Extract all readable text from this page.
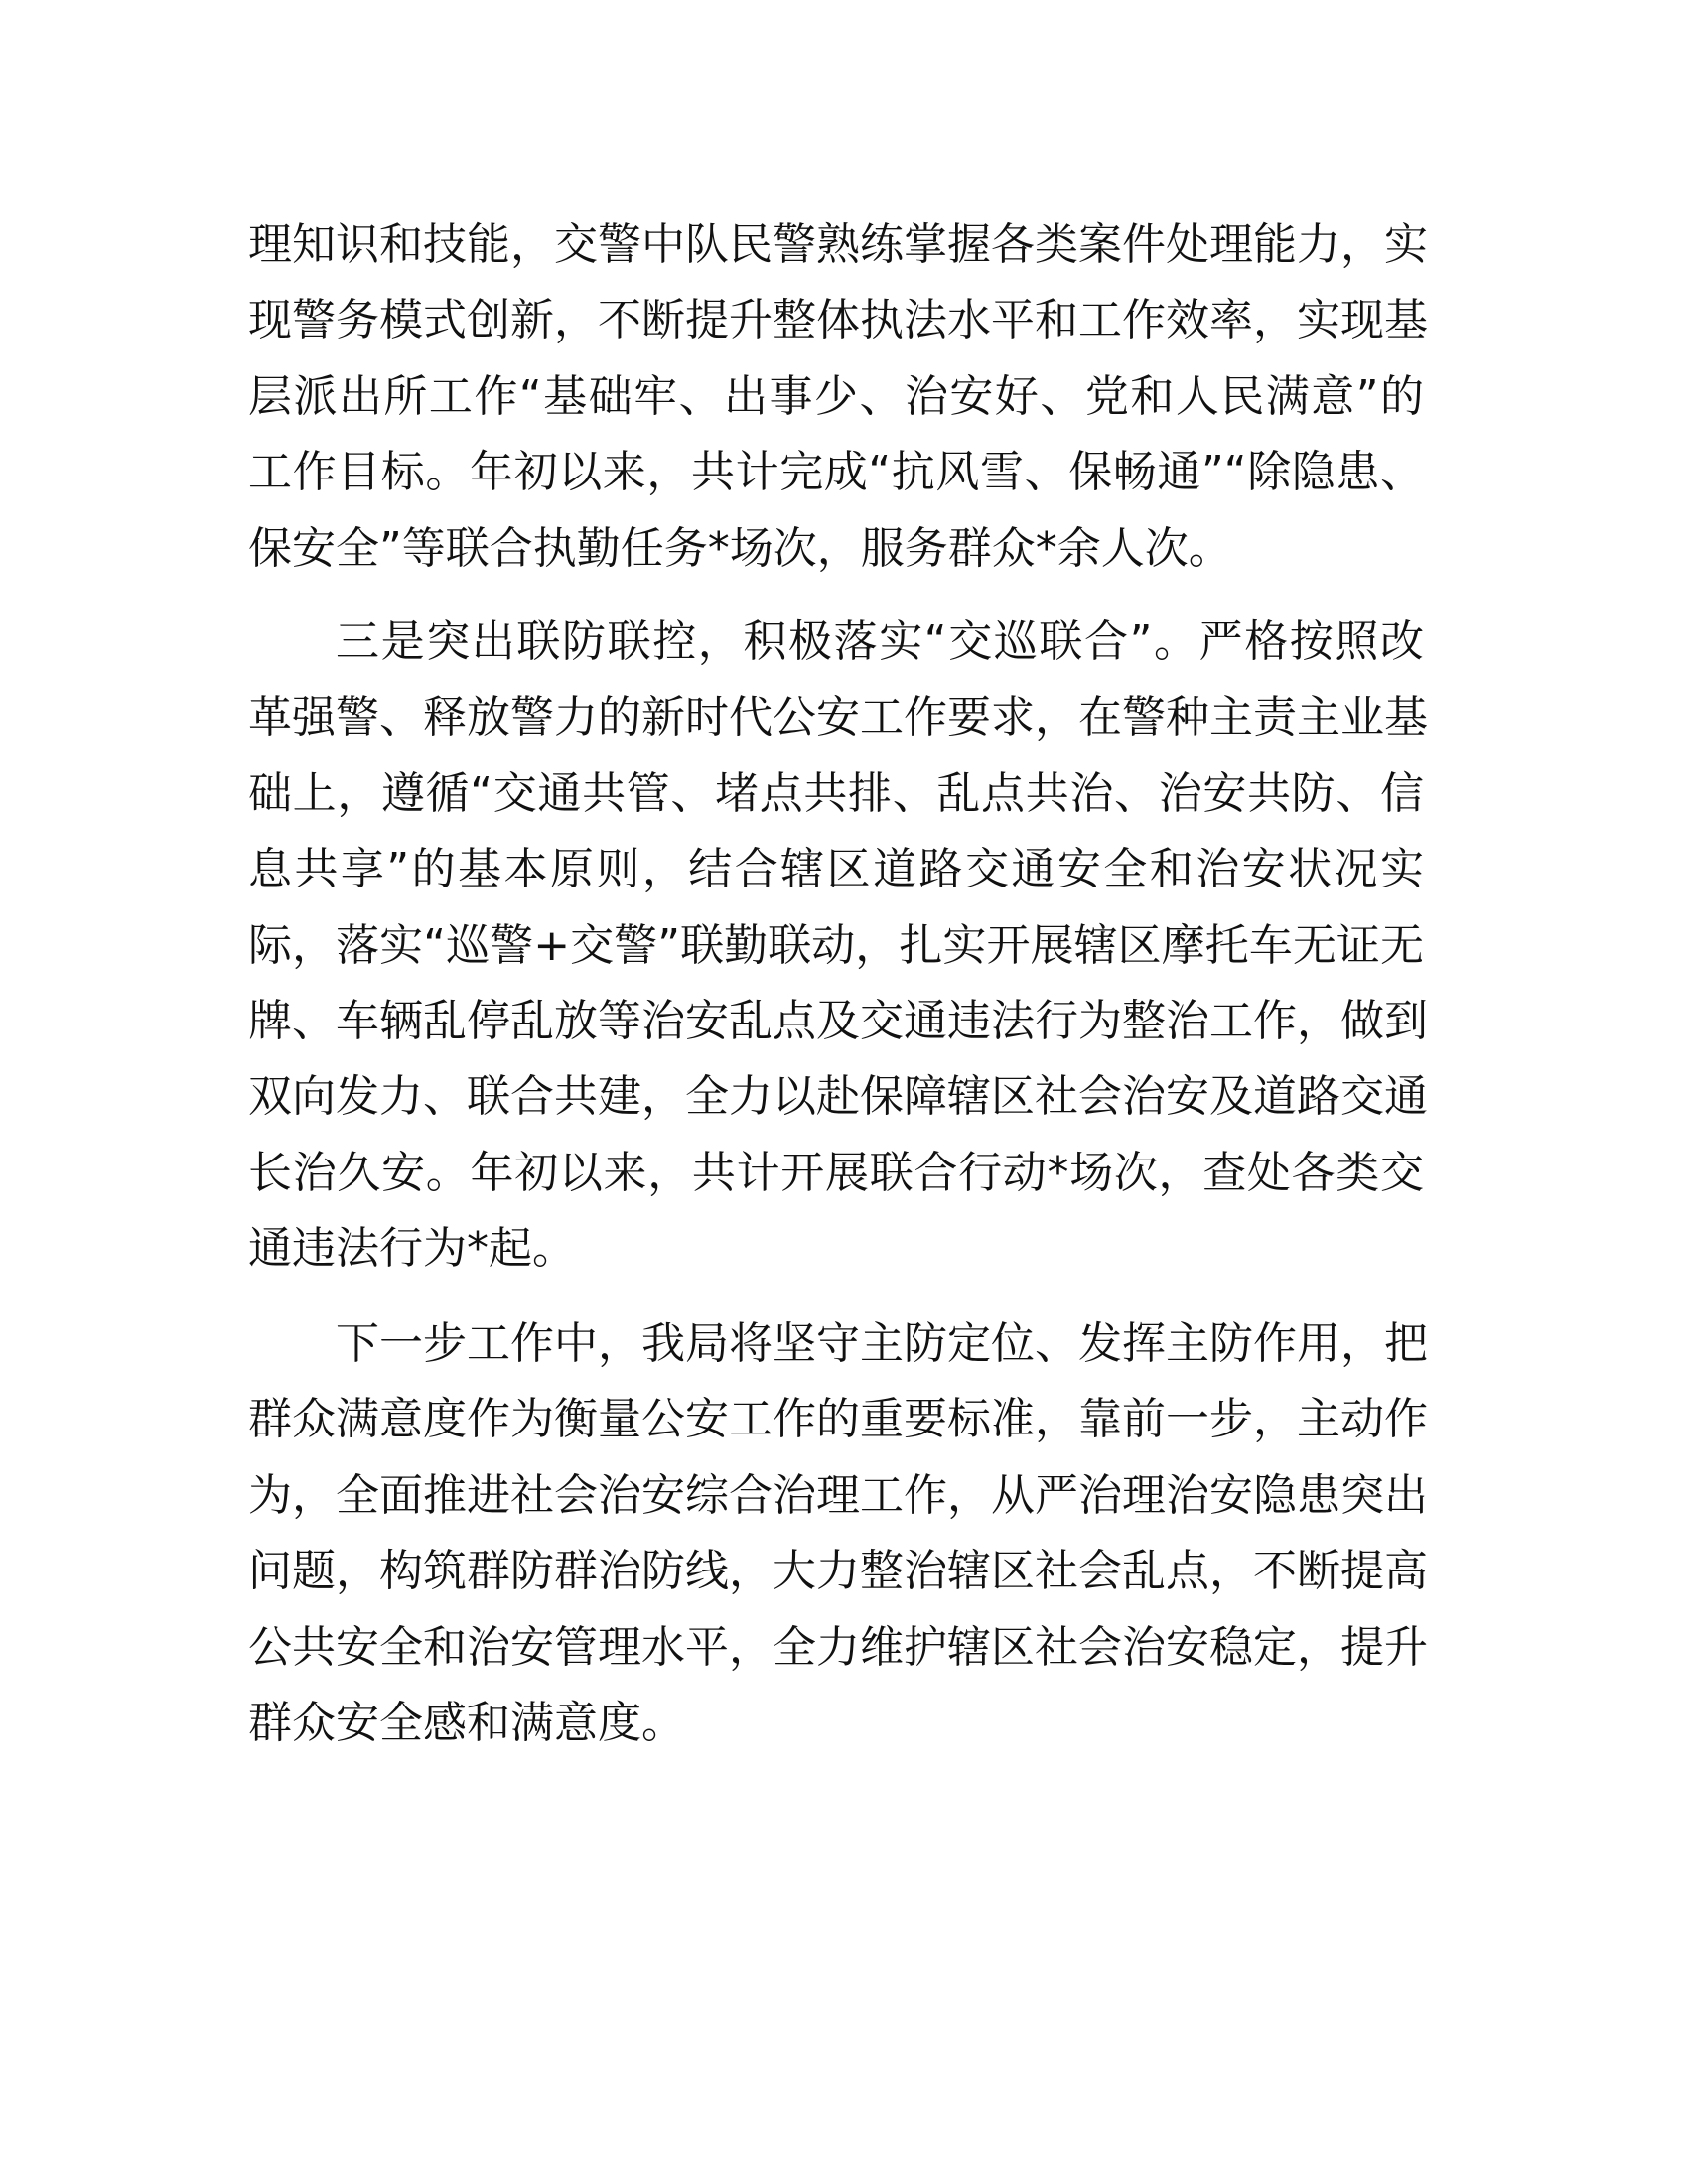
理知识和技能，交警中队民警熟练掌握各类案件处理能力，实
现警务模式创新，不断提升整体执法水平和工作效率，实现基
层派出所工作“基础牢、出事少、治安好、党和人民满意”的
工作目标。年初以来，共计完成“抗风雪、保畅通”“除隐患、
保安全”等联合执勤任务*场次，服务群众*余人次。
三是突出联防联控，积极落实“交巡联合”。严格按照改
革强警、释放警力的新时代公安工作要求，在警种主责主业基
础上，遵循“交通共管、堵点共排、乱点共治、治安共防、信
息共享”的基本原则，结合辖区道路交通安全和治安状况实
际，落实“巡警+交警”联勤联动，扎实开展辖区摩托车无证无
牌、车辆乱停乱放等治安乱点及交通违法行为整治工作，做到
双向发力、联合共建，全力以赴保障辖区社会治安及道路交通
长治久安。年初以来，共计开展联合行动*场次，查处各类交
通违法行为*起。
下一步工作中，我局将坚守主防定位、发挥主防作用，把
群众满意度作为衡量公安工作的重要标准，靠前一步，主动作
为，全面推进社会治安综合治理工作，从严治理治安隐患突出
问题，构筑群防群治防线，大力整治辖区社会乱点，不断提高
公共安全和治安管理水平，全力维护辖区社会治安稳定，提升
群众安全感和满意度。
